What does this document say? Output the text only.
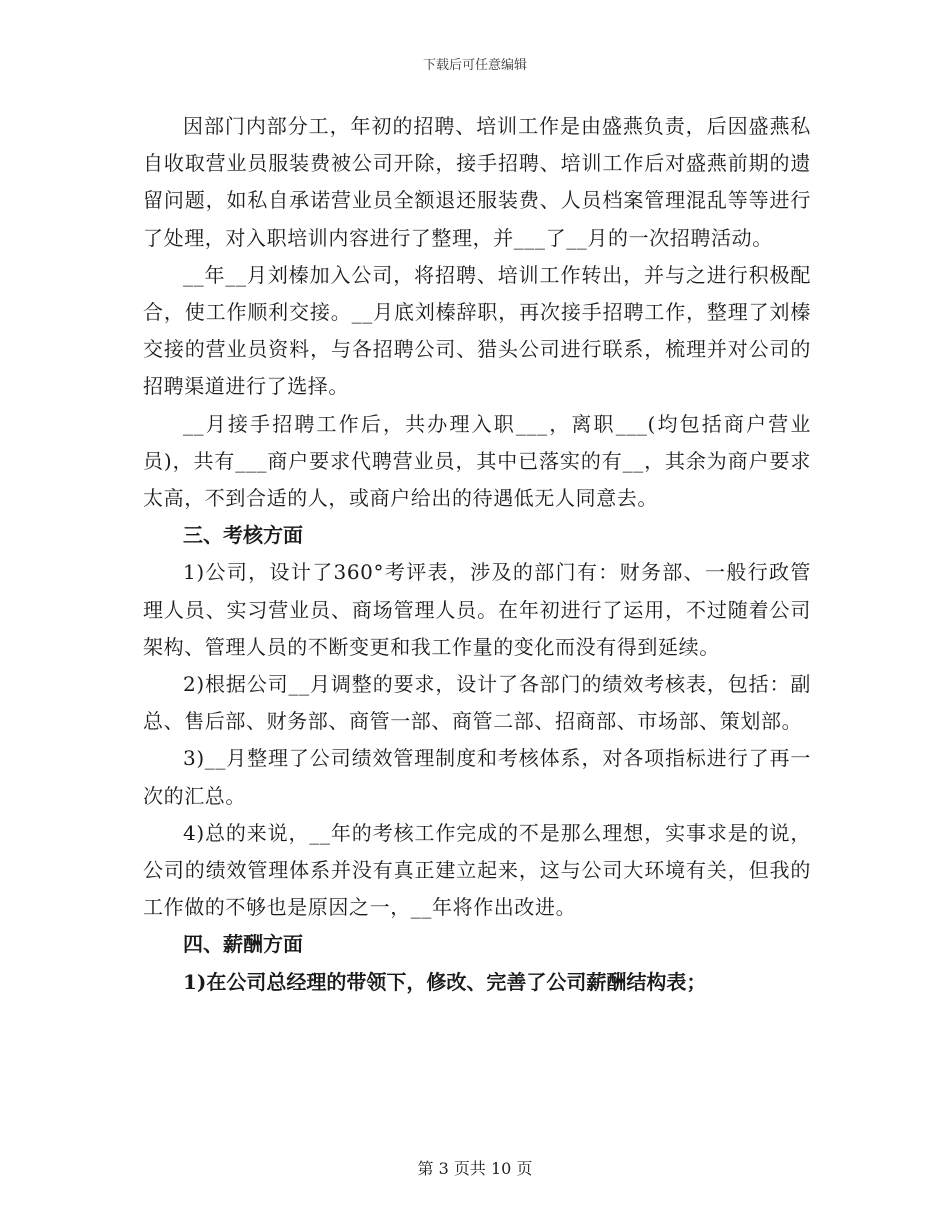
下载后可任意编辑

因部门内部分工，年初的招聘、培训工作是由盛燕负责，后因盛燕私自收取营业员服装费被公司开除，接手招聘、培训工作后对盛燕前期的遗留问题，如私自承诺营业员全额退还服装费、人员档案管理混乱等等进行了处理，对入职培训内容进行了整理，并___了__月的一次招聘活动。

__年__月刘榛加入公司，将招聘、培训工作转出，并与之进行积极配合，使工作顺利交接。__月底刘榛辞职，再次接手招聘工作，整理了刘榛交接的营业员资料，与各招聘公司、猎头公司进行联系，梳理并对公司的招聘渠道进行了选择。

__月接手招聘工作后，共办理入职___，离职___(均包括商户营业员)，共有___商户要求代聘营业员，其中已落实的有__，其余为商户要求太高，不到合适的人，或商户给出的待遇低无人同意去。

三、考核方面

1)公司，设计了360°考评表，涉及的部门有：财务部、一般行政管理人员、实习营业员、商场管理人员。在年初进行了运用，不过随着公司架构、管理人员的不断变更和我工作量的变化而没有得到延续。

2)根据公司__月调整的要求，设计了各部门的绩效考核表，包括：副总、售后部、财务部、商管一部、商管二部、招商部、市场部、策划部。

3)__月整理了公司绩效管理制度和考核体系，对各项指标进行了再一次的汇总。

4)总的来说，__年的考核工作完成的不是那么理想，实事求是的说，公司的绩效管理体系并没有真正建立起来，这与公司大环境有关，但我的工作做的不够也是原因之一，__年将作出改进。

四、薪酬方面

1)在公司总经理的带领下，修改、完善了公司薪酬结构表；

第 3 页共 10 页
